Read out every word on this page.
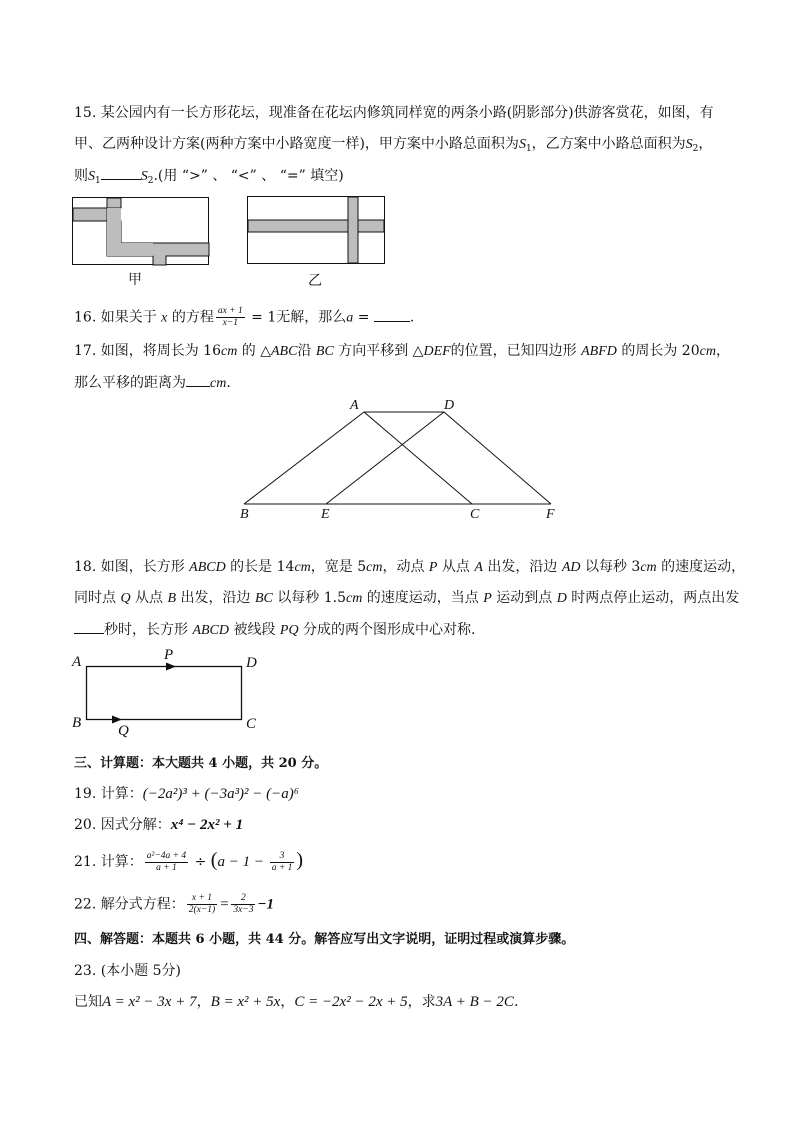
15. 某公园内有一长方形花坛，现准备在花坛内修筑同样宽的两条小路(阴影部分)供游客赏花，如图，有
甲、乙两种设计方案(两种方案中小路宽度一样)，甲方案中小路总面积为$S_1$，乙方案中小路总面积为$S_2$，
则$S_1$	$S_2$.(用 “>” 、 “<” 、 “=” 填空)
甲	乙
16. 如果关于 x 的方程 $\frac{ax + 1}{x-1} = 1$无解，那么a =	.
17. 如图，将周长为 16cm 的 △ABC沿 BC 方向平移到 △DEF的位置，已知四边形 ABFD 的周长为 20cm，
那么平移的距离为 cm.
A	D
B	E	C	F
18. 如图，长方形 ABCD 的长是 14cm，宽是 5cm，动点 P 从点 A 出发，沿边 AD 以每秒 3cm 的速度运动，
同时点 Q 从点 B 出发，沿边 BC 以每秒 1.5cm 的速度运动，当点 P 运动到点 D 时两点停止运动，两点出发
秒时，长方形 ABCD 被线段 PQ 分成的两个图形成中心对称.
A	P	D
B Q	C
三、计算题：本大题共 4 小题，共 20 分。
19. 计算：(−2a²)³ + (−3a³)² − (−a)⁶
20. 因式分解：x⁴ − 2x² + 1
21. 计算： $\frac{\text{a²−4a + 4}}{a + 1} \div (a - 1 - \frac{3}{a + 1}$ )
22. 解分式方程： $\frac{x + 1}{2(x-1)} = \frac{2}{3x-3} -1$
四、解答题：本题共 6 小题，共 44 分。解答应写出文字说明，证明过程或演算步骤。
23. (本小题 5分)
已知A = x² − 3x + 7，B = x² + 5x，C = −2x² − 2x + 5，求3A + B − 2C.
